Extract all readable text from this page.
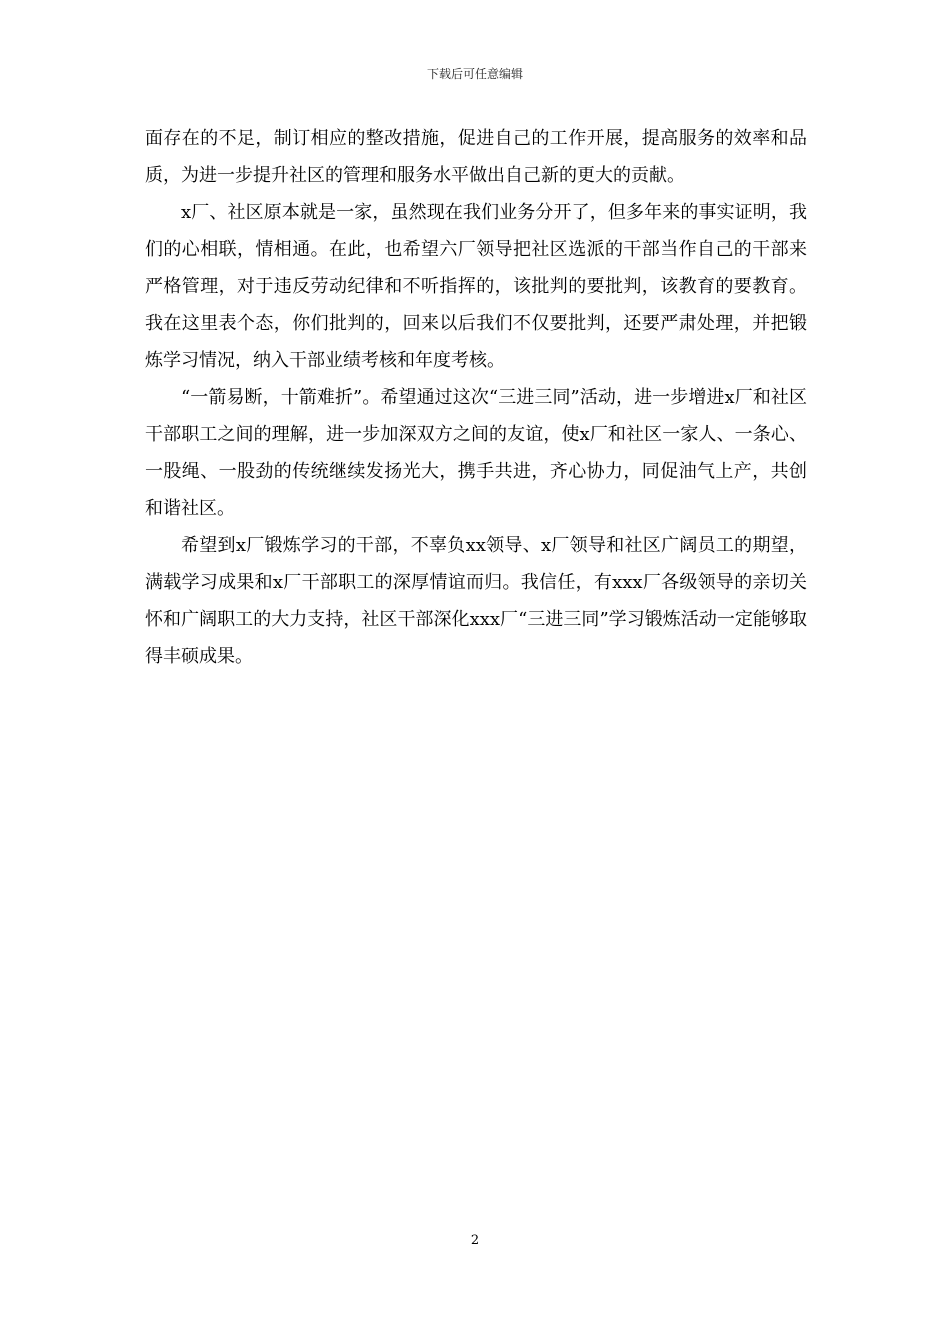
下载后可任意编辑

面存在的不足，制订相应的整改措施，促进自己的工作开展，提高服务的效率和品质，为进一步提升社区的管理和服务水平做出自己新的更大的贡献。

x厂、社区原本就是一家，虽然现在我们业务分开了，但多年来的事实证明，我们的心相联，情相通。在此，也希望六厂领导把社区选派的干部当作自己的干部来严格管理，对于违反劳动纪律和不听指挥的，该批判的要批判，该教育的要教育。我在这里表个态，你们批判的，回来以后我们不仅要批判，还要严肃处理，并把锻炼学习情况，纳入干部业绩考核和年度考核。

“一箭易断，十箭难折”。希望通过这次“三进三同”活动，进一步增进x厂和社区干部职工之间的理解，进一步加深双方之间的友谊，使x厂和社区一家人、一条心、一股绳、一股劲的传统继续发扬光大，携手共进，齐心协力，同促油气上产，共创和谐社区。

希望到x厂锻炼学习的干部，不辜负xx领导、x厂领导和社区广阔员工的期望，满载学习成果和x厂干部职工的深厚情谊而归。我信任，有xxx厂各级领导的亲切关怀和广阔职工的大力支持，社区干部深化xxx厂“三进三同”学习锻炼活动一定能够取得丰硕成果。

2
